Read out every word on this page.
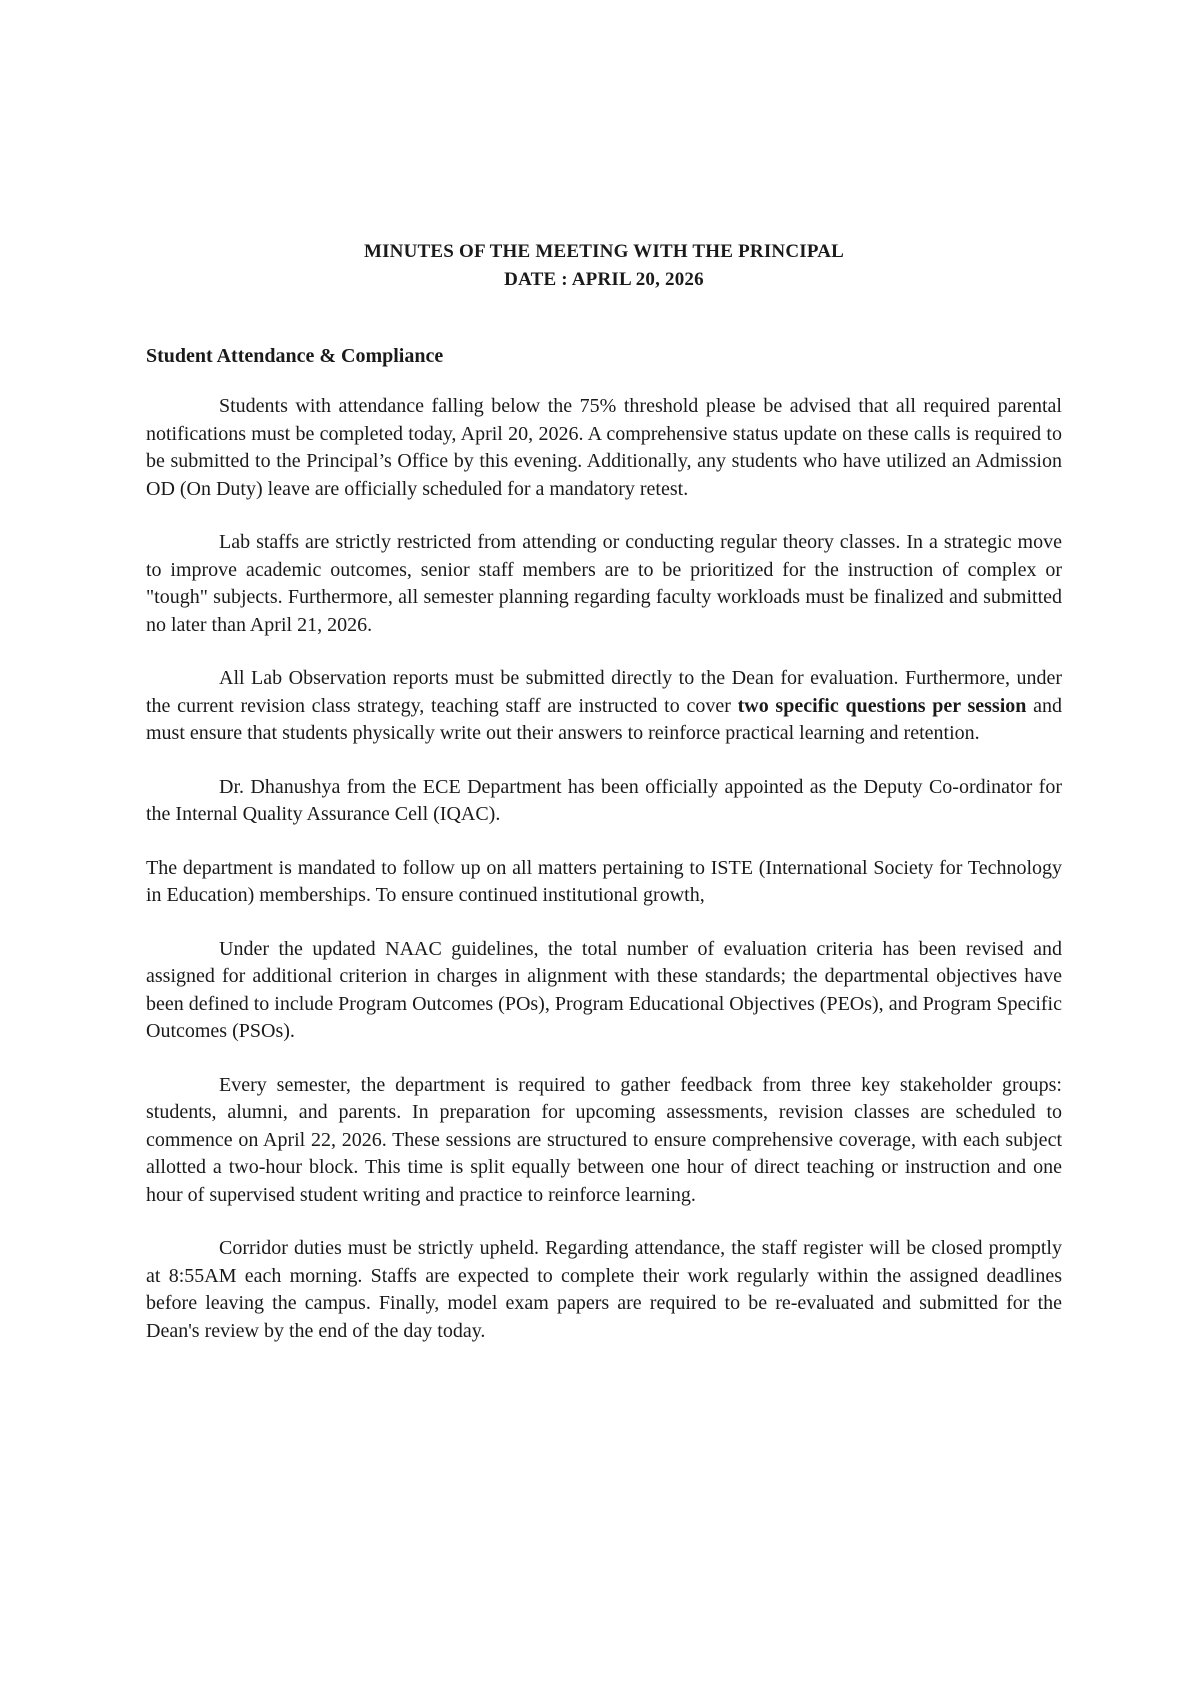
MINUTES OF THE MEETING WITH THE PRINCIPAL
DATE : APRIL 20, 2026
Student Attendance & Compliance

Students with attendance falling below the 75% threshold please be advised that all required parental notifications must be completed today, April 20, 2026. A comprehensive status update on these calls is required to be submitted to the Principal’s Office by this evening. Additionally, any students who have utilized an Admission OD (On Duty) leave are officially scheduled for a mandatory retest.

Lab staffs are strictly restricted from attending or conducting regular theory classes. In a strategic move to improve academic outcomes, senior staff members are to be prioritized for the instruction of complex or "tough" subjects. Furthermore, all semester planning regarding faculty workloads must be finalized and submitted no later than April 21, 2026.

All Lab Observation reports must be submitted directly to the Dean for evaluation. Furthermore, under the current revision class strategy, teaching staff are instructed to cover two specific questions per session and must ensure that students physically write out their answers to reinforce practical learning and retention.

Dr. Dhanushya from the ECE Department has been officially appointed as the Deputy Co-ordinator for the Internal Quality Assurance Cell (IQAC).

The department is mandated to follow up on all matters pertaining to ISTE (International Society for Technology in Education) memberships. To ensure continued institutional growth,

Under the updated NAAC guidelines, the total number of evaluation criteria has been revised and assigned for additional criterion in charges in alignment with these standards; the departmental objectives have been defined to include Program Outcomes (POs), Program Educational Objectives (PEOs), and Program Specific Outcomes (PSOs).

Every semester, the department is required to gather feedback from three key stakeholder groups: students, alumni, and parents. In preparation for upcoming assessments, revision classes are scheduled to commence on April 22, 2026. These sessions are structured to ensure comprehensive coverage, with each subject allotted a two-hour block. This time is split equally between one hour of direct teaching or instruction and one hour of supervised student writing and practice to reinforce learning.

Corridor duties must be strictly upheld. Regarding attendance, the staff register will be closed promptly at 8:55AM each morning. Staffs are expected to complete their work regularly within the assigned deadlines before leaving the campus. Finally, model exam papers are required to be re-evaluated and submitted for the Dean's review by the end of the day today.
